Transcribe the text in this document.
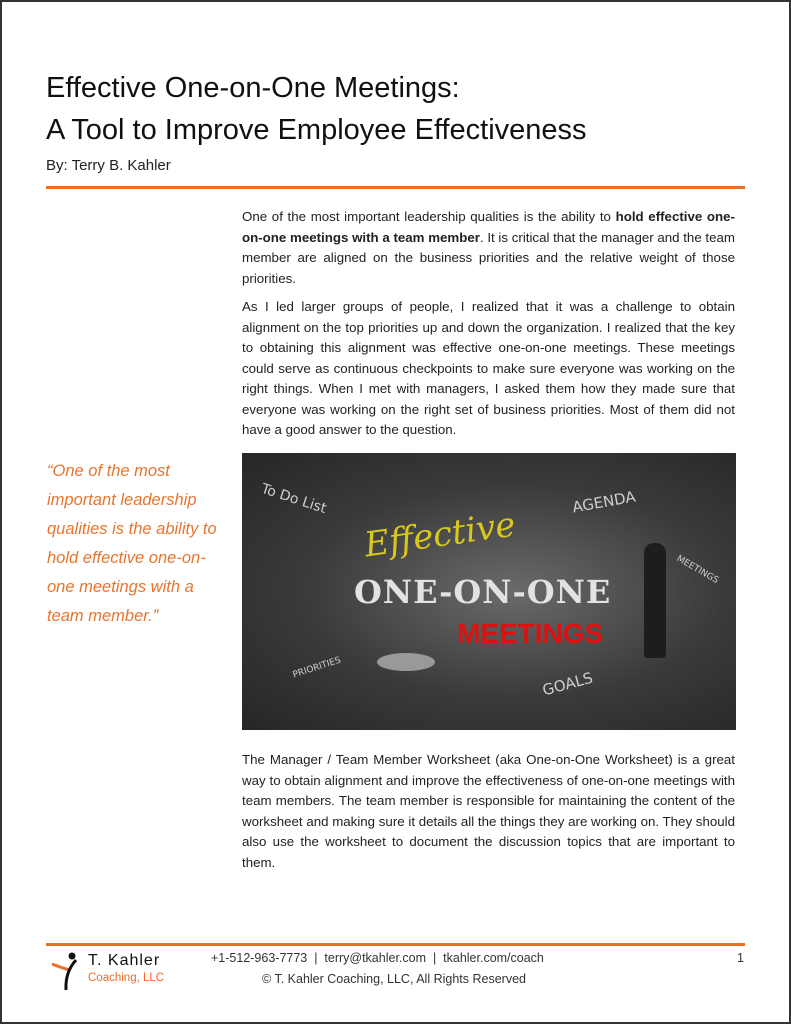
Effective One-on-One Meetings:
A Tool to Improve Employee Effectiveness
By: Terry B. Kahler

One of the most important leadership qualities is the ability to hold effective one-on-one meetings with a team member. It is critical that the manager and the team member are aligned on the business priorities and the relative weight of those priorities.

As I led larger groups of people, I realized that it was a challenge to obtain alignment on the top priorities up and down the organization. I realized that the key to obtaining this alignment was effective one-on-one meetings. These meetings could serve as continuous checkpoints to make sure everyone was working on the right things. When I met with managers, I asked them how they made sure that everyone was working on the right set of business priorities. Most of them did not have a good answer to the question.

“One of the most important leadership qualities is the ability to hold effective one-on-one meetings with a team member.”
To Do List	AGENDA
MEETINGS
PRIORITIES
GOALS
Effective
ONE-ON-ONE
MEETINGS

The Manager / Team Member Worksheet (aka One-on-One Worksheet) is a great way to obtain alignment and improve the effectiveness of one-on-one meetings with team members. The team member is responsible for maintaining the content of the worksheet and making sure it details all the things they are working on. They should also use the worksheet to document the discussion topics that are important to them.

T. Kahler
Coaching, LLC
+1-512-963-7773  |  terry@tkahler.com  |  tkahler.com/coach
© T. Kahler Coaching, LLC, All Rights Reserved
1
